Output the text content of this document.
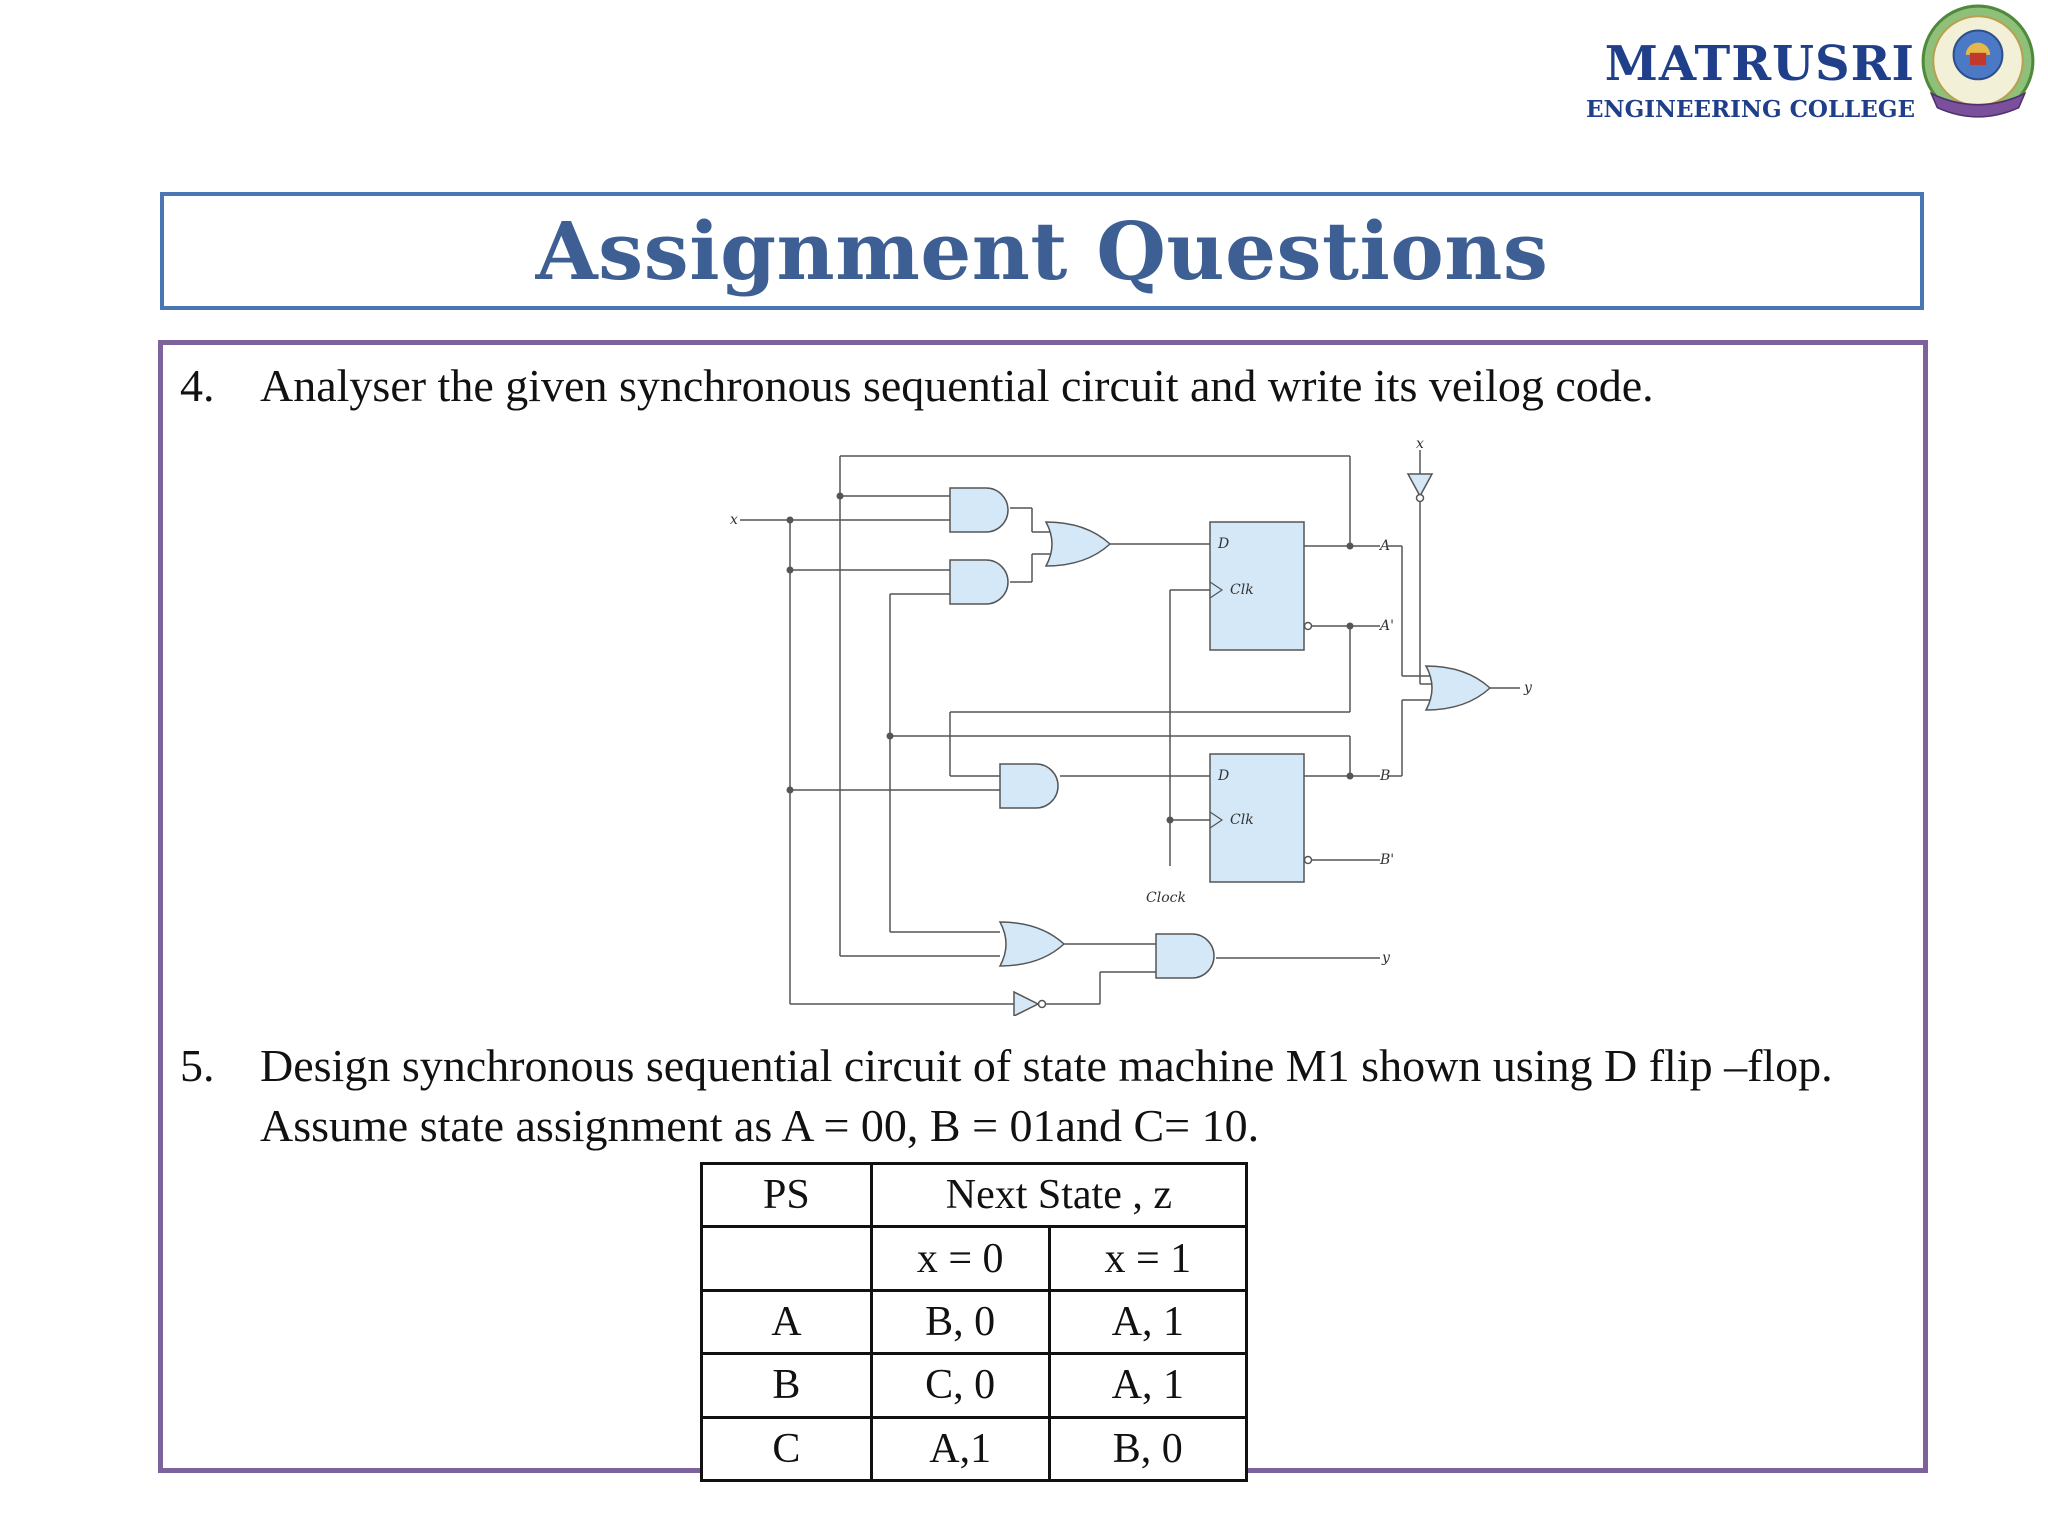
MATRUSRI
ENGINEERING COLLEGE
Assignment Questions
4. Analyser the given synchronous sequential circuit and write its veilog code.
x
x
D
Clk
A
A'
D
Clk
B
B'
Clock
y
y
5. Design synchronous sequential circuit of state machine M1 shown using D flip –flop. Assume state assignment as A = 00, B = 01and C= 10.
PS	Next State , z	
	x = 0	x = 1
A	B, 0	A, 1
B	C, 0	A, 1
C	A,1	B, 0
